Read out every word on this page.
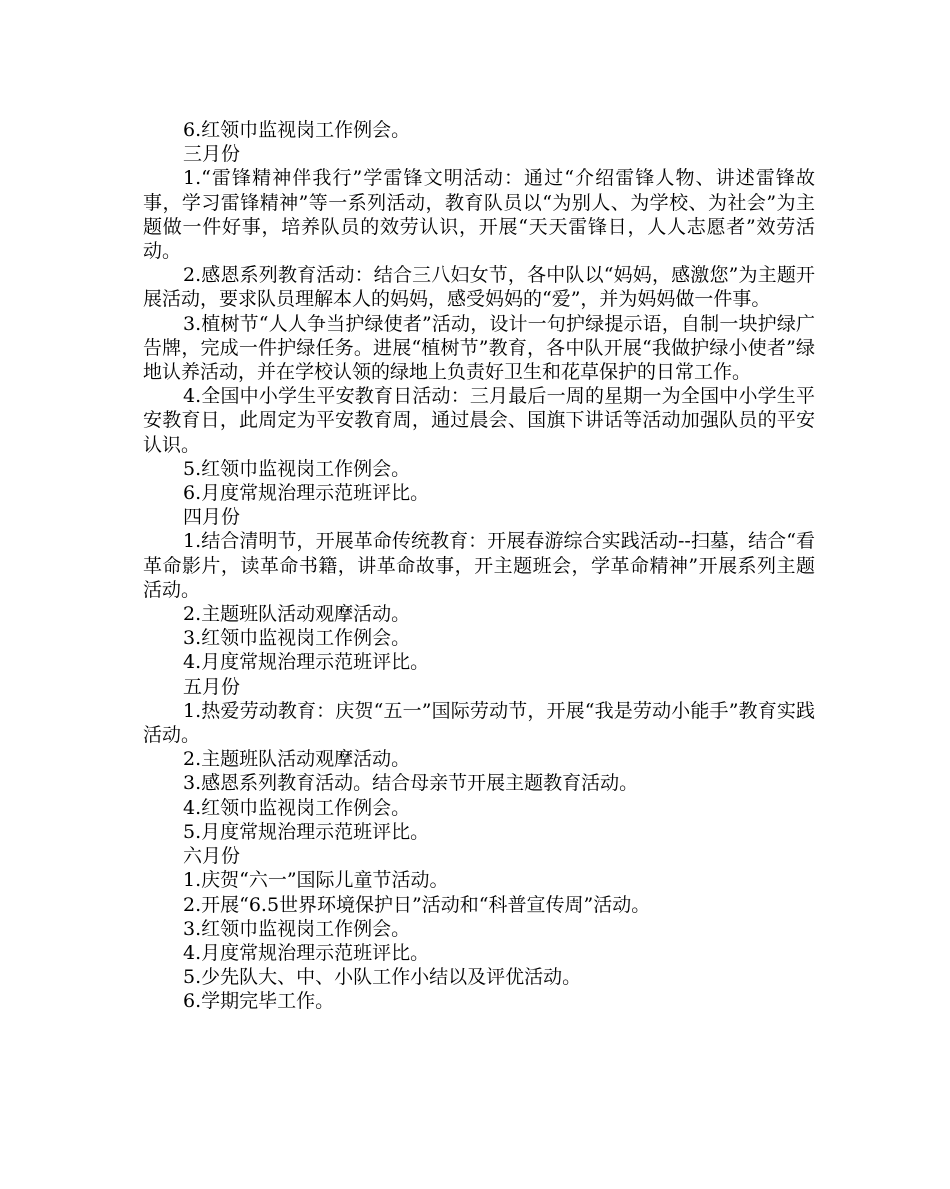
6.红领巾监视岗工作例会。

三月份

1.“雷锋精神伴我行”学雷锋文明活动：通过“介绍雷锋人物、讲述雷锋故事，学习雷锋精神”等一系列活动，教育队员以“为别人、为学校、为社会”为主题做一件好事，培养队员的效劳认识，开展“天天雷锋日，人人志愿者”效劳活动。

2.感恩系列教育活动：结合三八妇女节，各中队以“妈妈，感激您”为主题开展活动，要求队员理解本人的妈妈，感受妈妈的“爱”，并为妈妈做一件事。

3.植树节“人人争当护绿使者”活动，设计一句护绿提示语，自制一块护绿广告牌，完成一件护绿任务。进展“植树节”教育，各中队开展“我做护绿小使者”绿地认养活动，并在学校认领的绿地上负责好卫生和花草保护的日常工作。

4.全国中小学生平安教育日活动：三月最后一周的星期一为全国中小学生平安教育日，此周定为平安教育周，通过晨会、国旗下讲话等活动加强队员的平安认识。

5.红领巾监视岗工作例会。

6.月度常规治理示范班评比。

四月份

1.结合清明节，开展革命传统教育：开展春游综合实践活动--扫墓，结合“看革命影片，读革命书籍，讲革命故事，开主题班会，学革命精神”开展系列主题活动。

2.主题班队活动观摩活动。

3.红领巾监视岗工作例会。

4.月度常规治理示范班评比。

五月份

1.热爱劳动教育：庆贺“五一”国际劳动节，开展“我是劳动小能手”教育实践活动。

2.主题班队活动观摩活动。

3.感恩系列教育活动。结合母亲节开展主题教育活动。

4.红领巾监视岗工作例会。

5.月度常规治理示范班评比。

六月份

1.庆贺“六一”国际儿童节活动。

2.开展“6.5世界环境保护日”活动和“科普宣传周”活动。

3.红领巾监视岗工作例会。

4.月度常规治理示范班评比。

5.少先队大、中、小队工作小结以及评优活动。

6.学期完毕工作。
